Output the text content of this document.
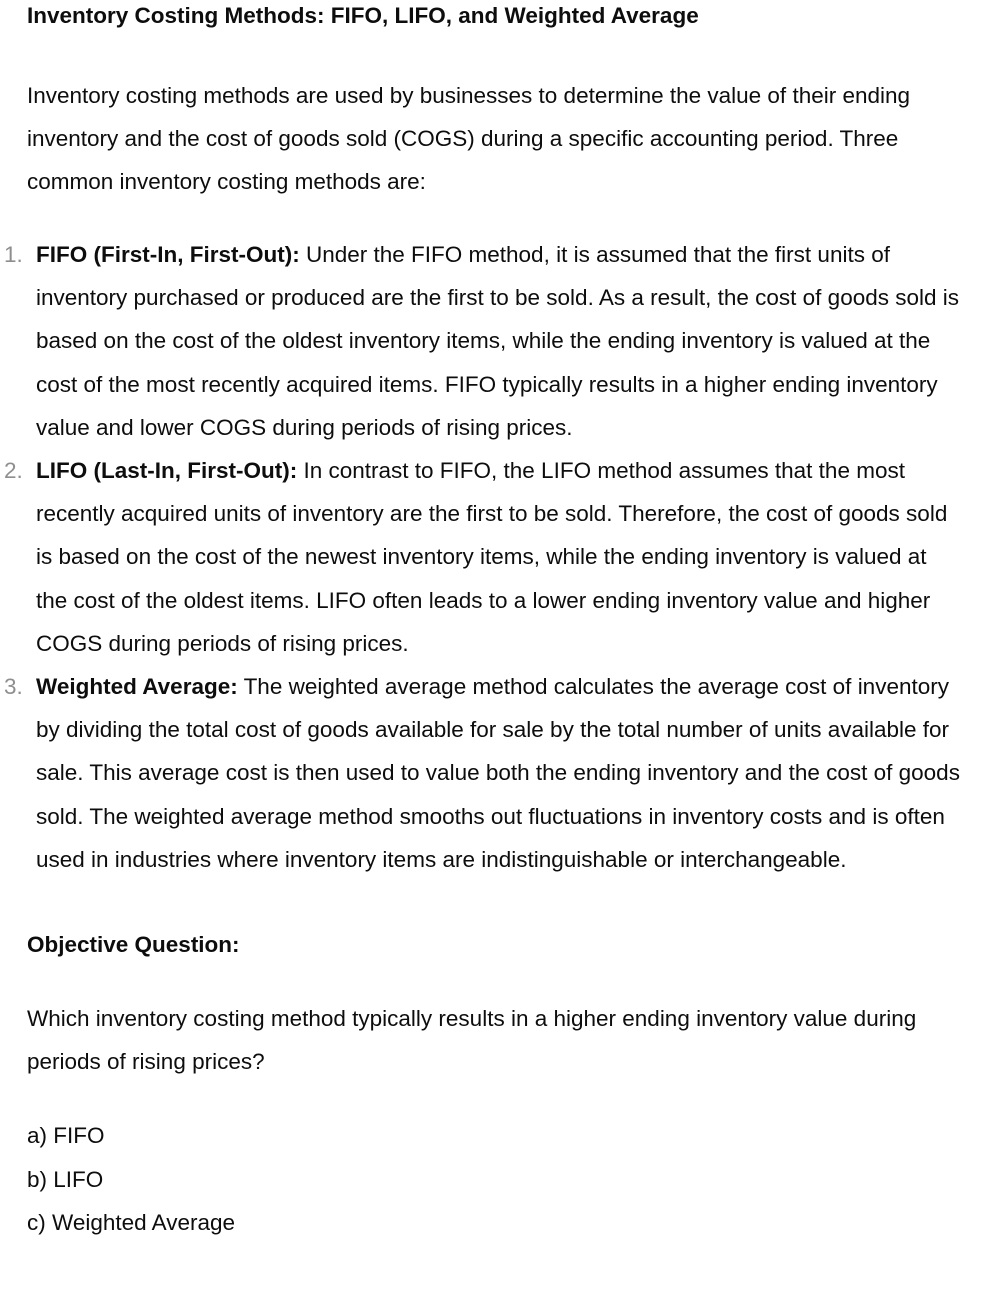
Inventory Costing Methods: FIFO, LIFO, and Weighted Average

Inventory costing methods are used by businesses to determine the value of their ending inventory and the cost of goods sold (COGS) during a specific accounting period. Three common inventory costing methods are:

1. FIFO (First-In, First-Out): Under the FIFO method, it is assumed that the first units of inventory purchased or produced are the first to be sold. As a result, the cost of goods sold is based on the cost of the oldest inventory items, while the ending inventory is valued at the cost of the most recently acquired items. FIFO typically results in a higher ending inventory value and lower COGS during periods of rising prices.
2. LIFO (Last-In, First-Out): In contrast to FIFO, the LIFO method assumes that the most recently acquired units of inventory are the first to be sold. Therefore, the cost of goods sold is based on the cost of the newest inventory items, while the ending inventory is valued at the cost of the oldest items. LIFO often leads to a lower ending inventory value and higher COGS during periods of rising prices.
3. Weighted Average: The weighted average method calculates the average cost of inventory by dividing the total cost of goods available for sale by the total number of units available for sale. This average cost is then used to value both the ending inventory and the cost of goods sold. The weighted average method smooths out fluctuations in inventory costs and is often used in industries where inventory items are indistinguishable or interchangeable.

Objective Question:

Which inventory costing method typically results in a higher ending inventory value during periods of rising prices?

a) FIFO
b) LIFO
c) Weighted Average
